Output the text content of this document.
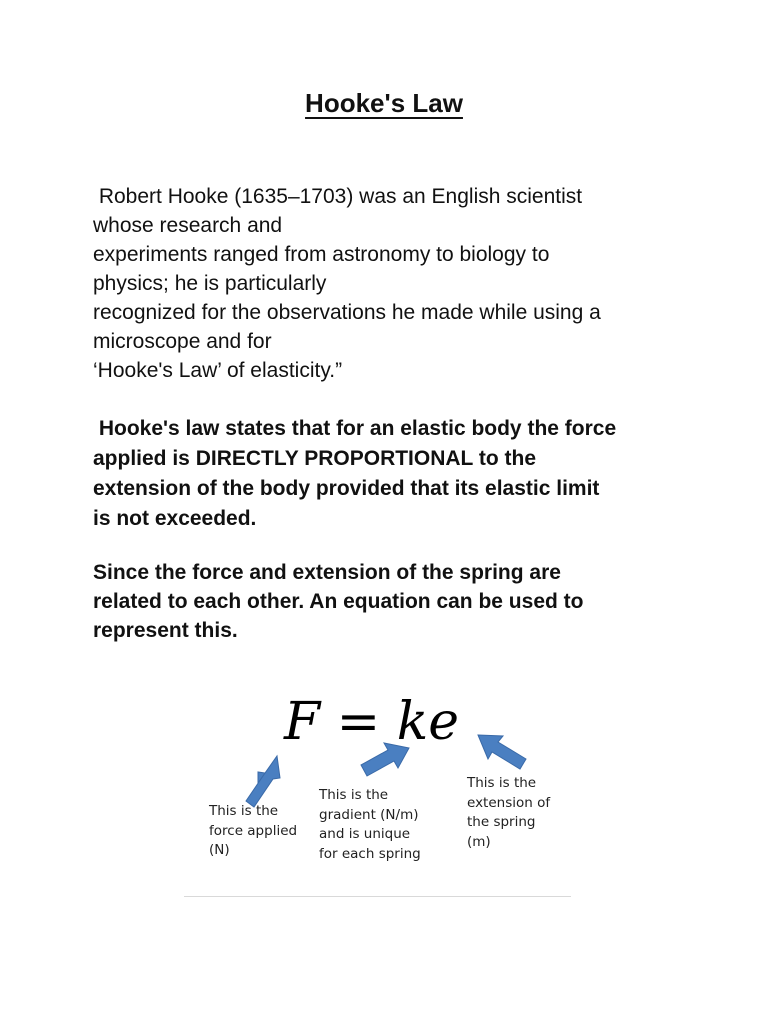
Hooke's Law

Robert Hooke (1635–1703) was an English scientist
whose research and
experiments ranged from astronomy to biology to
physics; he is particularly
recognized for the observations he made while using a
microscope and for
‘Hooke's Law’ of elasticity.”

Hooke's law states that for an elastic body the force
applied is DIRECTLY PROPORTIONAL to the
extension of the body provided that its elastic limit
is not exceeded.

Since the force and extension of the spring are
related to each other. An equation can be used to
represent this.

F = ke
This is the
force applied
(N)
This is the
gradient (N/m)
and is unique
for each spring
This is the
extension of
the spring
(m)
